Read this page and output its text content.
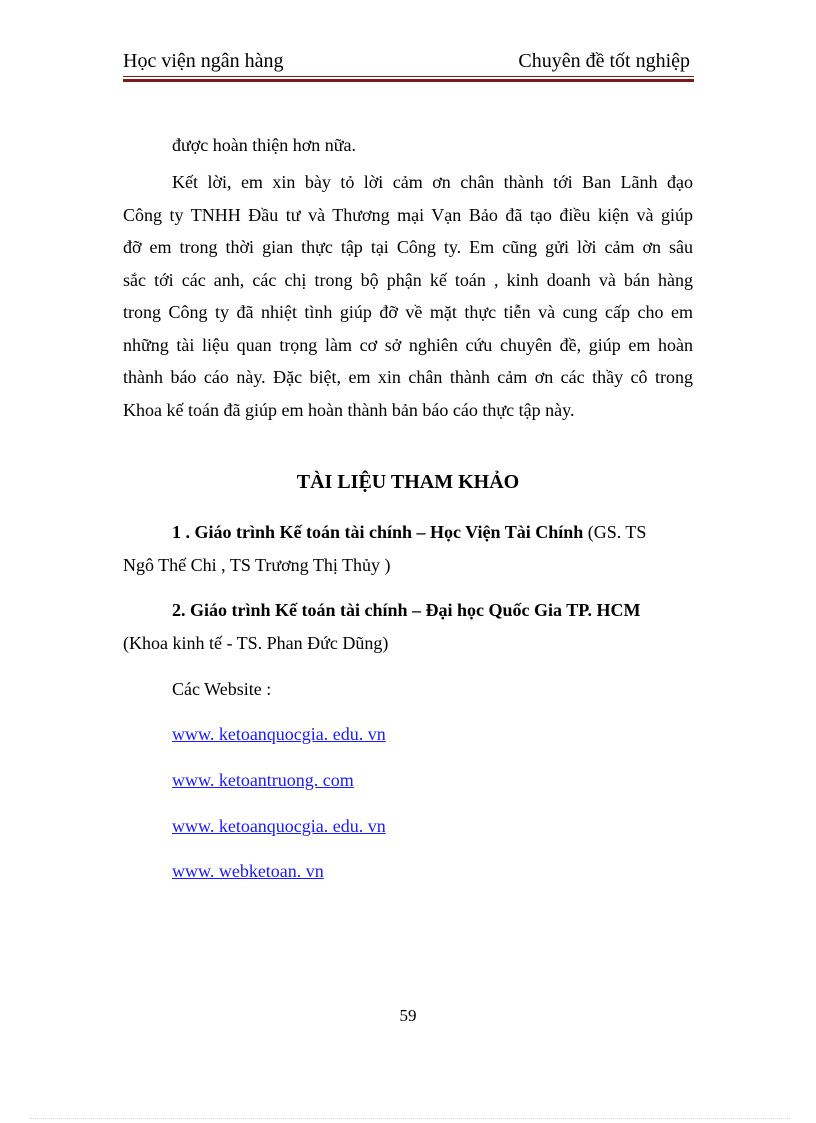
Học viện ngân hàng	Chuyên đề tốt nghiệp
được hoàn thiện hơn nữa.
Kết lời, em xin bày tỏ lời cảm ơn chân thành tới Ban Lãnh đạo
Công ty TNHH Đầu tư và Thương mại Vạn Bảo đã tạo điều kiện và giúp
đỡ em trong thời gian thực tập tại Công ty. Em cũng gửi lời cảm ơn sâu
sắc tới các anh, các chị trong bộ phận kế toán , kinh doanh và bán hàng
trong Công ty đã nhiệt tình giúp đỡ về mặt thực tiễn và cung cấp cho em
những tài liệu quan trọng làm cơ sở nghiên cứu chuyên đề, giúp em hoàn
thành báo cáo này. Đặc biệt, em xin chân thành cảm ơn các thầy cô trong
Khoa kế toán đã giúp em hoàn thành bản báo cáo thực tập này.
TÀI LIỆU THAM KHẢO
1 . Giáo trình Kế toán tài chính – Học Viện Tài Chính (GS. TS
Ngô Thế Chi , TS Trương Thị Thủy )
2. Giáo trình Kế toán tài chính – Đại học Quốc Gia TP. HCM
(Khoa kinh tế - TS. Phan Đức Dũng)
Các Website :
www. ketoanquocgia. edu. vn
www. ketoantruong. com
www. ketoanquocgia. edu. vn
www. webketoan. vn
59
